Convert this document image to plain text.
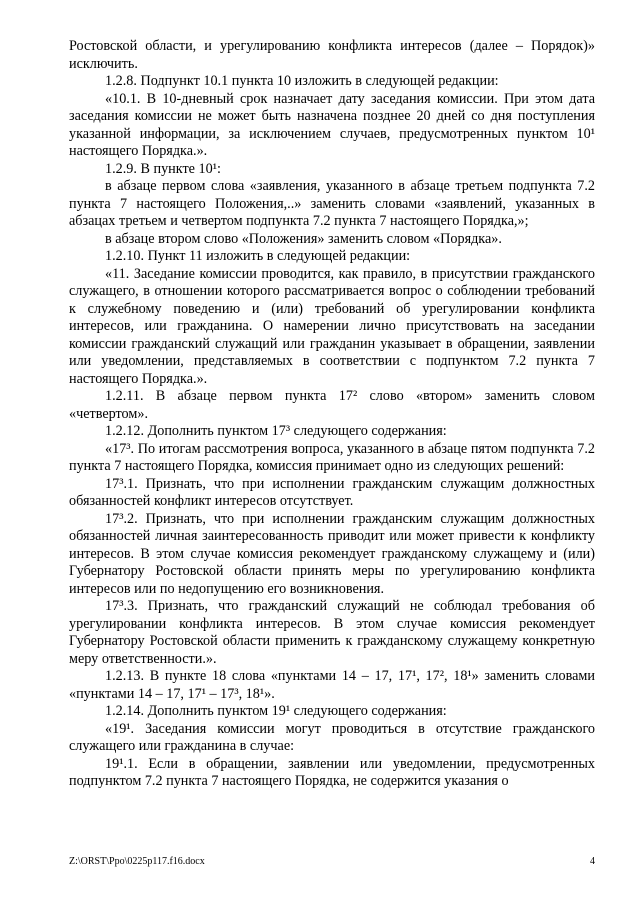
Ростовской области, и урегулированию конфликта интересов (далее – Порядок)» исключить.

1.2.8. Подпункт 10.1 пункта 10 изложить в следующей редакции:

«10.1. В 10-дневный срок назначает дату заседания комиссии. При этом дата заседания комиссии не может быть назначена позднее 20 дней со дня поступления указанной информации, за исключением случаев, предусмотренных пунктом 10¹ настоящего Порядка.».

1.2.9. В пункте 10¹:

в абзаце первом слова «заявления, указанного в абзаце третьем подпункта 7.2 пункта 7 настоящего Положения,..» заменить словами «заявлений, указанных в абзацах третьем и четвертом подпункта 7.2 пункта 7 настоящего Порядка,»;

в абзаце втором слово «Положения» заменить словом «Порядка».

1.2.10. Пункт 11 изложить в следующей редакции:

«11. Заседание комиссии проводится, как правило, в присутствии гражданского служащего, в отношении которого рассматривается вопрос о соблюдении требований к служебному поведению и (или) требований об урегулировании конфликта интересов, или гражданина. О намерении лично присутствовать на заседании комиссии гражданский служащий или гражданин указывает в обращении, заявлении или уведомлении, представляемых в соответствии с подпунктом 7.2 пункта 7 настоящего Порядка.».

1.2.11. В абзаце первом пункта 17² слово «втором» заменить словом «четвертом».

1.2.12. Дополнить пунктом 17³ следующего содержания:

«17³. По итогам рассмотрения вопроса, указанного в абзаце пятом подпункта 7.2 пункта 7 настоящего Порядка, комиссия принимает одно из следующих решений:

17³.1. Признать, что при исполнении гражданским служащим должностных обязанностей конфликт интересов отсутствует.

17³.2. Признать, что при исполнении гражданским служащим должностных обязанностей личная заинтересованность приводит или может привести к конфликту интересов. В этом случае комиссия рекомендует гражданскому служащему и (или) Губернатору Ростовской области принять меры по урегулированию конфликта интересов или по недопущению его возникновения.

17³.3. Признать, что гражданский служащий не соблюдал требования об урегулировании конфликта интересов. В этом случае комиссия рекомендует Губернатору Ростовской области применить к гражданскому служащему конкретную меру ответственности.».

1.2.13. В пункте 18 слова «пунктами 14 – 17, 17¹, 17², 18¹» заменить словами «пунктами 14 – 17, 17¹ – 17³, 18¹».

1.2.14. Дополнить пунктом 19¹ следующего содержания:

«19¹. Заседания комиссии могут проводиться в отсутствие гражданского служащего или гражданина в случае:

19¹.1. Если в обращении, заявлении или уведомлении, предусмотренных подпунктом 7.2 пункта 7 настоящего Порядка, не содержится указания о

Z:\ORST\Ppo\0225p117.f16.docx	4
